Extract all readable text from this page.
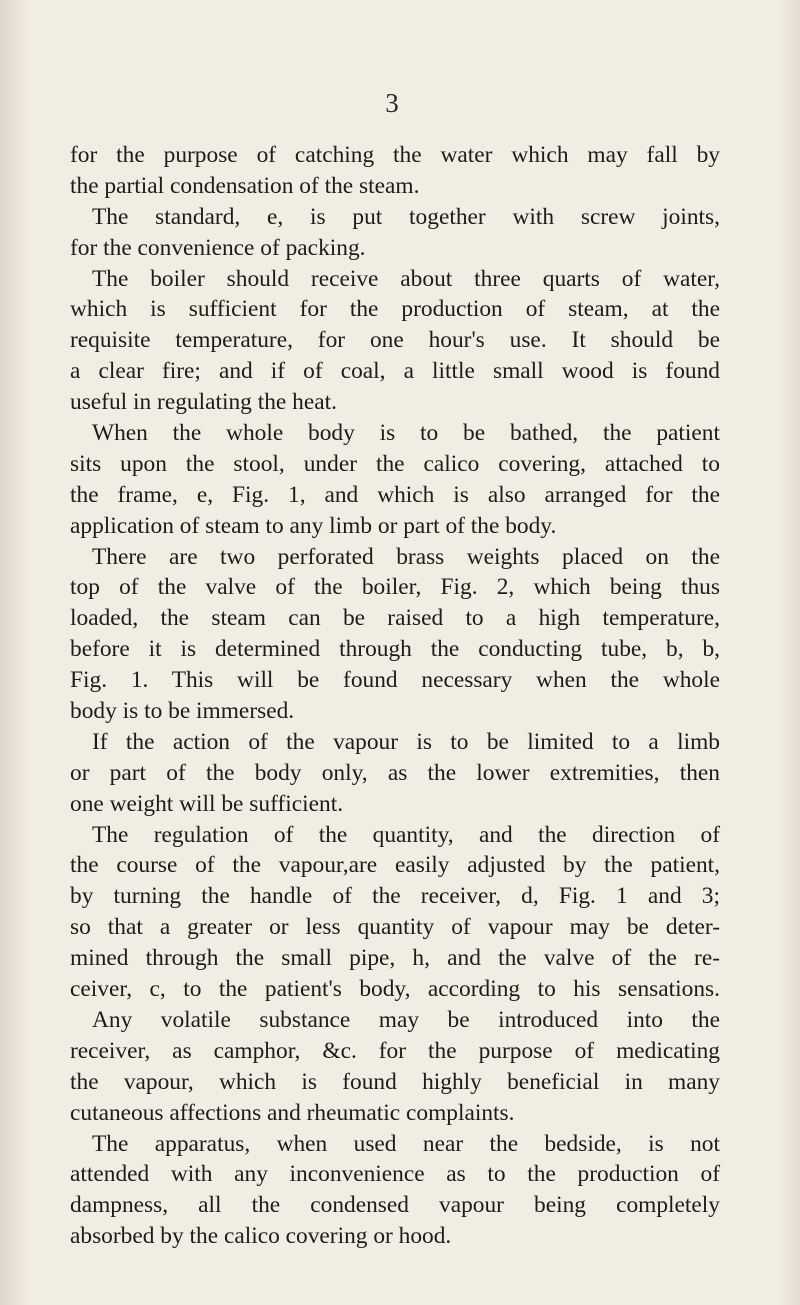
3
for the purpose of catching the water which may fall by
the partial condensation of the steam.
The standard, e, is put together with screw joints,
for the convenience of packing.
The boiler should receive about three quarts of water,
which is sufficient for the production of steam, at the
requisite temperature, for one hour's use. It should be
a clear fire; and if of coal, a little small wood is found
useful in regulating the heat.
When the whole body is to be bathed, the patient
sits upon the stool, under the calico covering, attached to
the frame, e, Fig. 1, and which is also arranged for the
application of steam to any limb or part of the body.
There are two perforated brass weights placed on the
top of the valve of the boiler, Fig. 2, which being thus
loaded, the steam can be raised to a high temperature,
before it is determined through the conducting tube, b, b,
Fig. 1. This will be found necessary when the whole
body is to be immersed.
If the action of the vapour is to be limited to a limb
or part of the body only, as the lower extremities, then
one weight will be sufficient.
The regulation of the quantity, and the direction of
the course of the vapour,are easily adjusted by the patient,
by turning the handle of the receiver, d, Fig. 1 and 3;
so that a greater or less quantity of vapour may be deter-
mined through the small pipe, h, and the valve of the re-
ceiver, c, to the patient's body, according to his sensations.
Any volatile substance may be introduced into the
receiver, as camphor, &c. for the purpose of medicating
the vapour, which is found highly beneficial in many
cutaneous affections and rheumatic complaints.
The apparatus, when used near the bedside, is not
attended with any inconvenience as to the production of
dampness, all the condensed vapour being completely
absorbed by the calico covering or hood.
